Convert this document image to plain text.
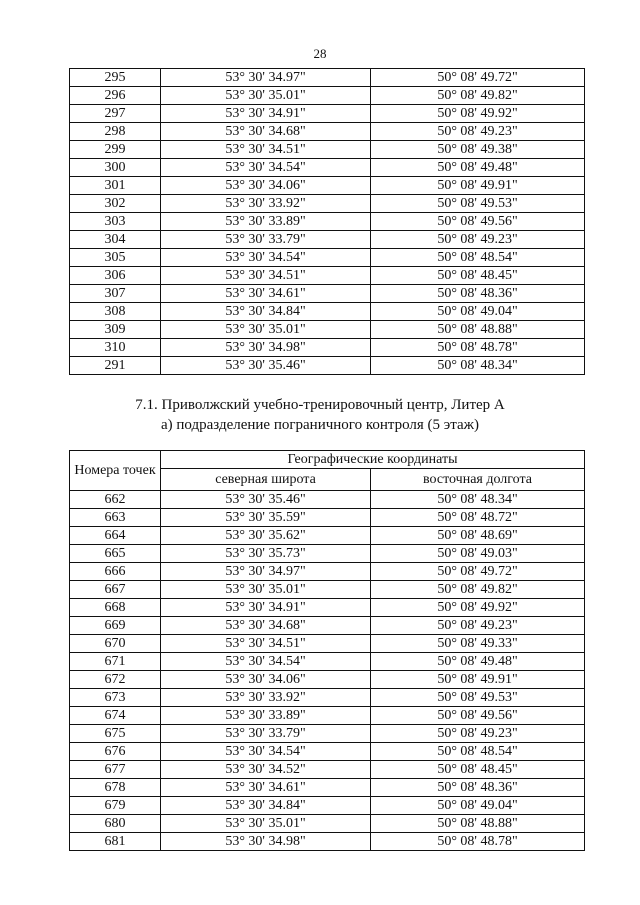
28
295	53° 30' 34.97"	50° 08' 49.72"
296	53° 30' 35.01"	50° 08' 49.82"
297	53° 30' 34.91"	50° 08' 49.92"
298	53° 30' 34.68"	50° 08' 49.23"
299	53° 30' 34.51"	50° 08' 49.38"
300	53° 30' 34.54"	50° 08' 49.48"
301	53° 30' 34.06"	50° 08' 49.91"
302	53° 30' 33.92"	50° 08' 49.53"
303	53° 30' 33.89"	50° 08' 49.56"
304	53° 30' 33.79"	50° 08' 49.23"
305	53° 30' 34.54"	50° 08' 48.54"
306	53° 30' 34.51"	50° 08' 48.45"
307	53° 30' 34.61"	50° 08' 48.36"
308	53° 30' 34.84"	50° 08' 49.04"
309	53° 30' 35.01"	50° 08' 48.88"
310	53° 30' 34.98"	50° 08' 48.78"
291	53° 30' 35.46"	50° 08' 48.34"
7.1. Приволжский учебно-тренировочный центр, Литер А
а) подразделение пограничного контроля (5 этаж)
Номера точек	Географические координаты	
	северная широта	восточная долгота
662	53° 30' 35.46"	50° 08' 48.34"
663	53° 30' 35.59"	50° 08' 48.72"
664	53° 30' 35.62"	50° 08' 48.69"
665	53° 30' 35.73"	50° 08' 49.03"
666	53° 30' 34.97"	50° 08' 49.72"
667	53° 30' 35.01"	50° 08' 49.82"
668	53° 30' 34.91"	50° 08' 49.92"
669	53° 30' 34.68"	50° 08' 49.23"
670	53° 30' 34.51"	50° 08' 49.33"
671	53° 30' 34.54"	50° 08' 49.48"
672	53° 30' 34.06"	50° 08' 49.91"
673	53° 30' 33.92"	50° 08' 49.53"
674	53° 30' 33.89"	50° 08' 49.56"
675	53° 30' 33.79"	50° 08' 49.23"
676	53° 30' 34.54"	50° 08' 48.54"
677	53° 30' 34.52"	50° 08' 48.45"
678	53° 30' 34.61"	50° 08' 48.36"
679	53° 30' 34.84"	50° 08' 49.04"
680	53° 30' 35.01"	50° 08' 48.88"
681	53° 30' 34.98"	50° 08' 48.78"
